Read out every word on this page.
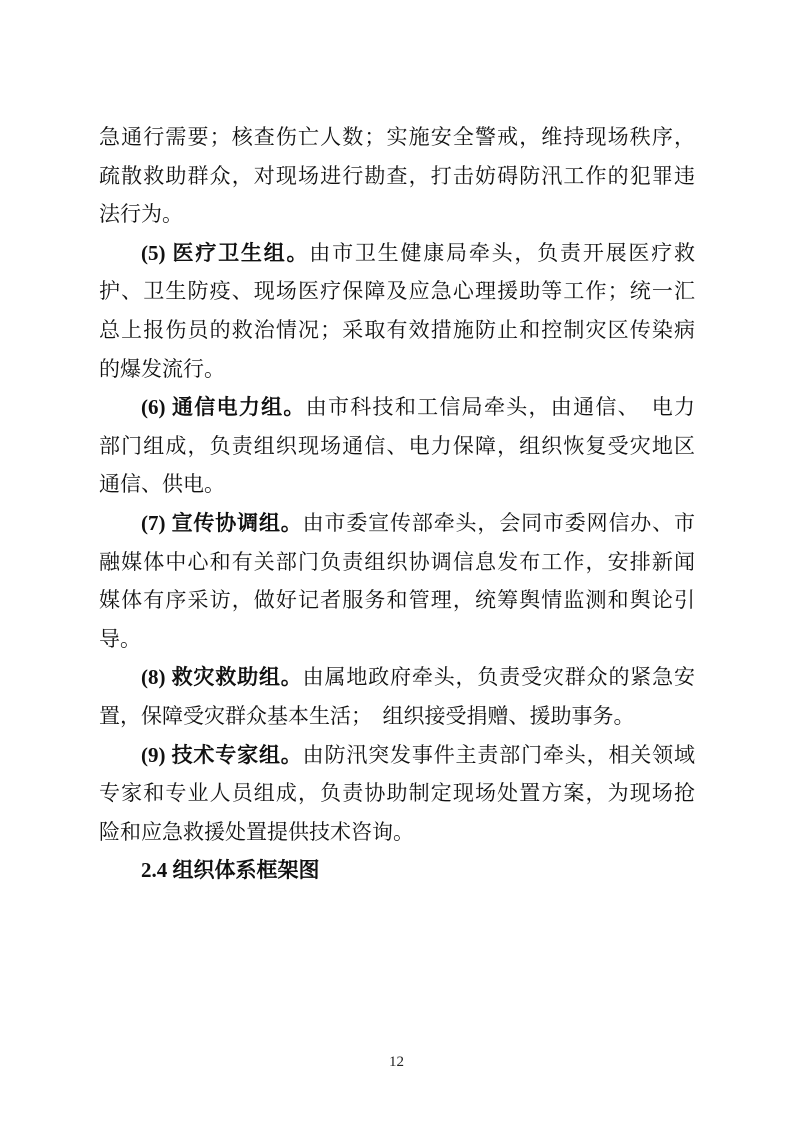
急通行需要；核查伤亡人数；实施安全警戒，维持现场秩序，
疏散救助群众，对现场进行勘查，打击妨碍防汛工作的犯罪违
法行为。
(5) 医疗卫生组。由市卫生健康局牵头，负责开展医疗救
护、卫生防疫、现场医疗保障及应急心理援助等工作；统一汇
总上报伤员的救治情况；采取有效措施防止和控制灾区传染病
的爆发流行。
(6) 通信电力组。由市科技和工信局牵头，由通信、　电力
部门组成，负责组织现场通信、电力保障，组织恢复受灾地区
通信、供电。
(7) 宣传协调组。由市委宣传部牵头，会同市委网信办、市
融媒体中心和有关部门负责组织协调信息发布工作，安排新闻
媒体有序采访，做好记者服务和管理，统筹舆情监测和舆论引
导。
(8) 救灾救助组。由属地政府牵头，负责受灾群众的紧急安
置，保障受灾群众基本生活；　组织接受捐赠、援助事务。
(9) 技术专家组。由防汛突发事件主责部门牵头，相关领域
专家和专业人员组成，负责协助制定现场处置方案，为现场抢
险和应急救援处置提供技术咨询。
2.4 组织体系框架图
12
